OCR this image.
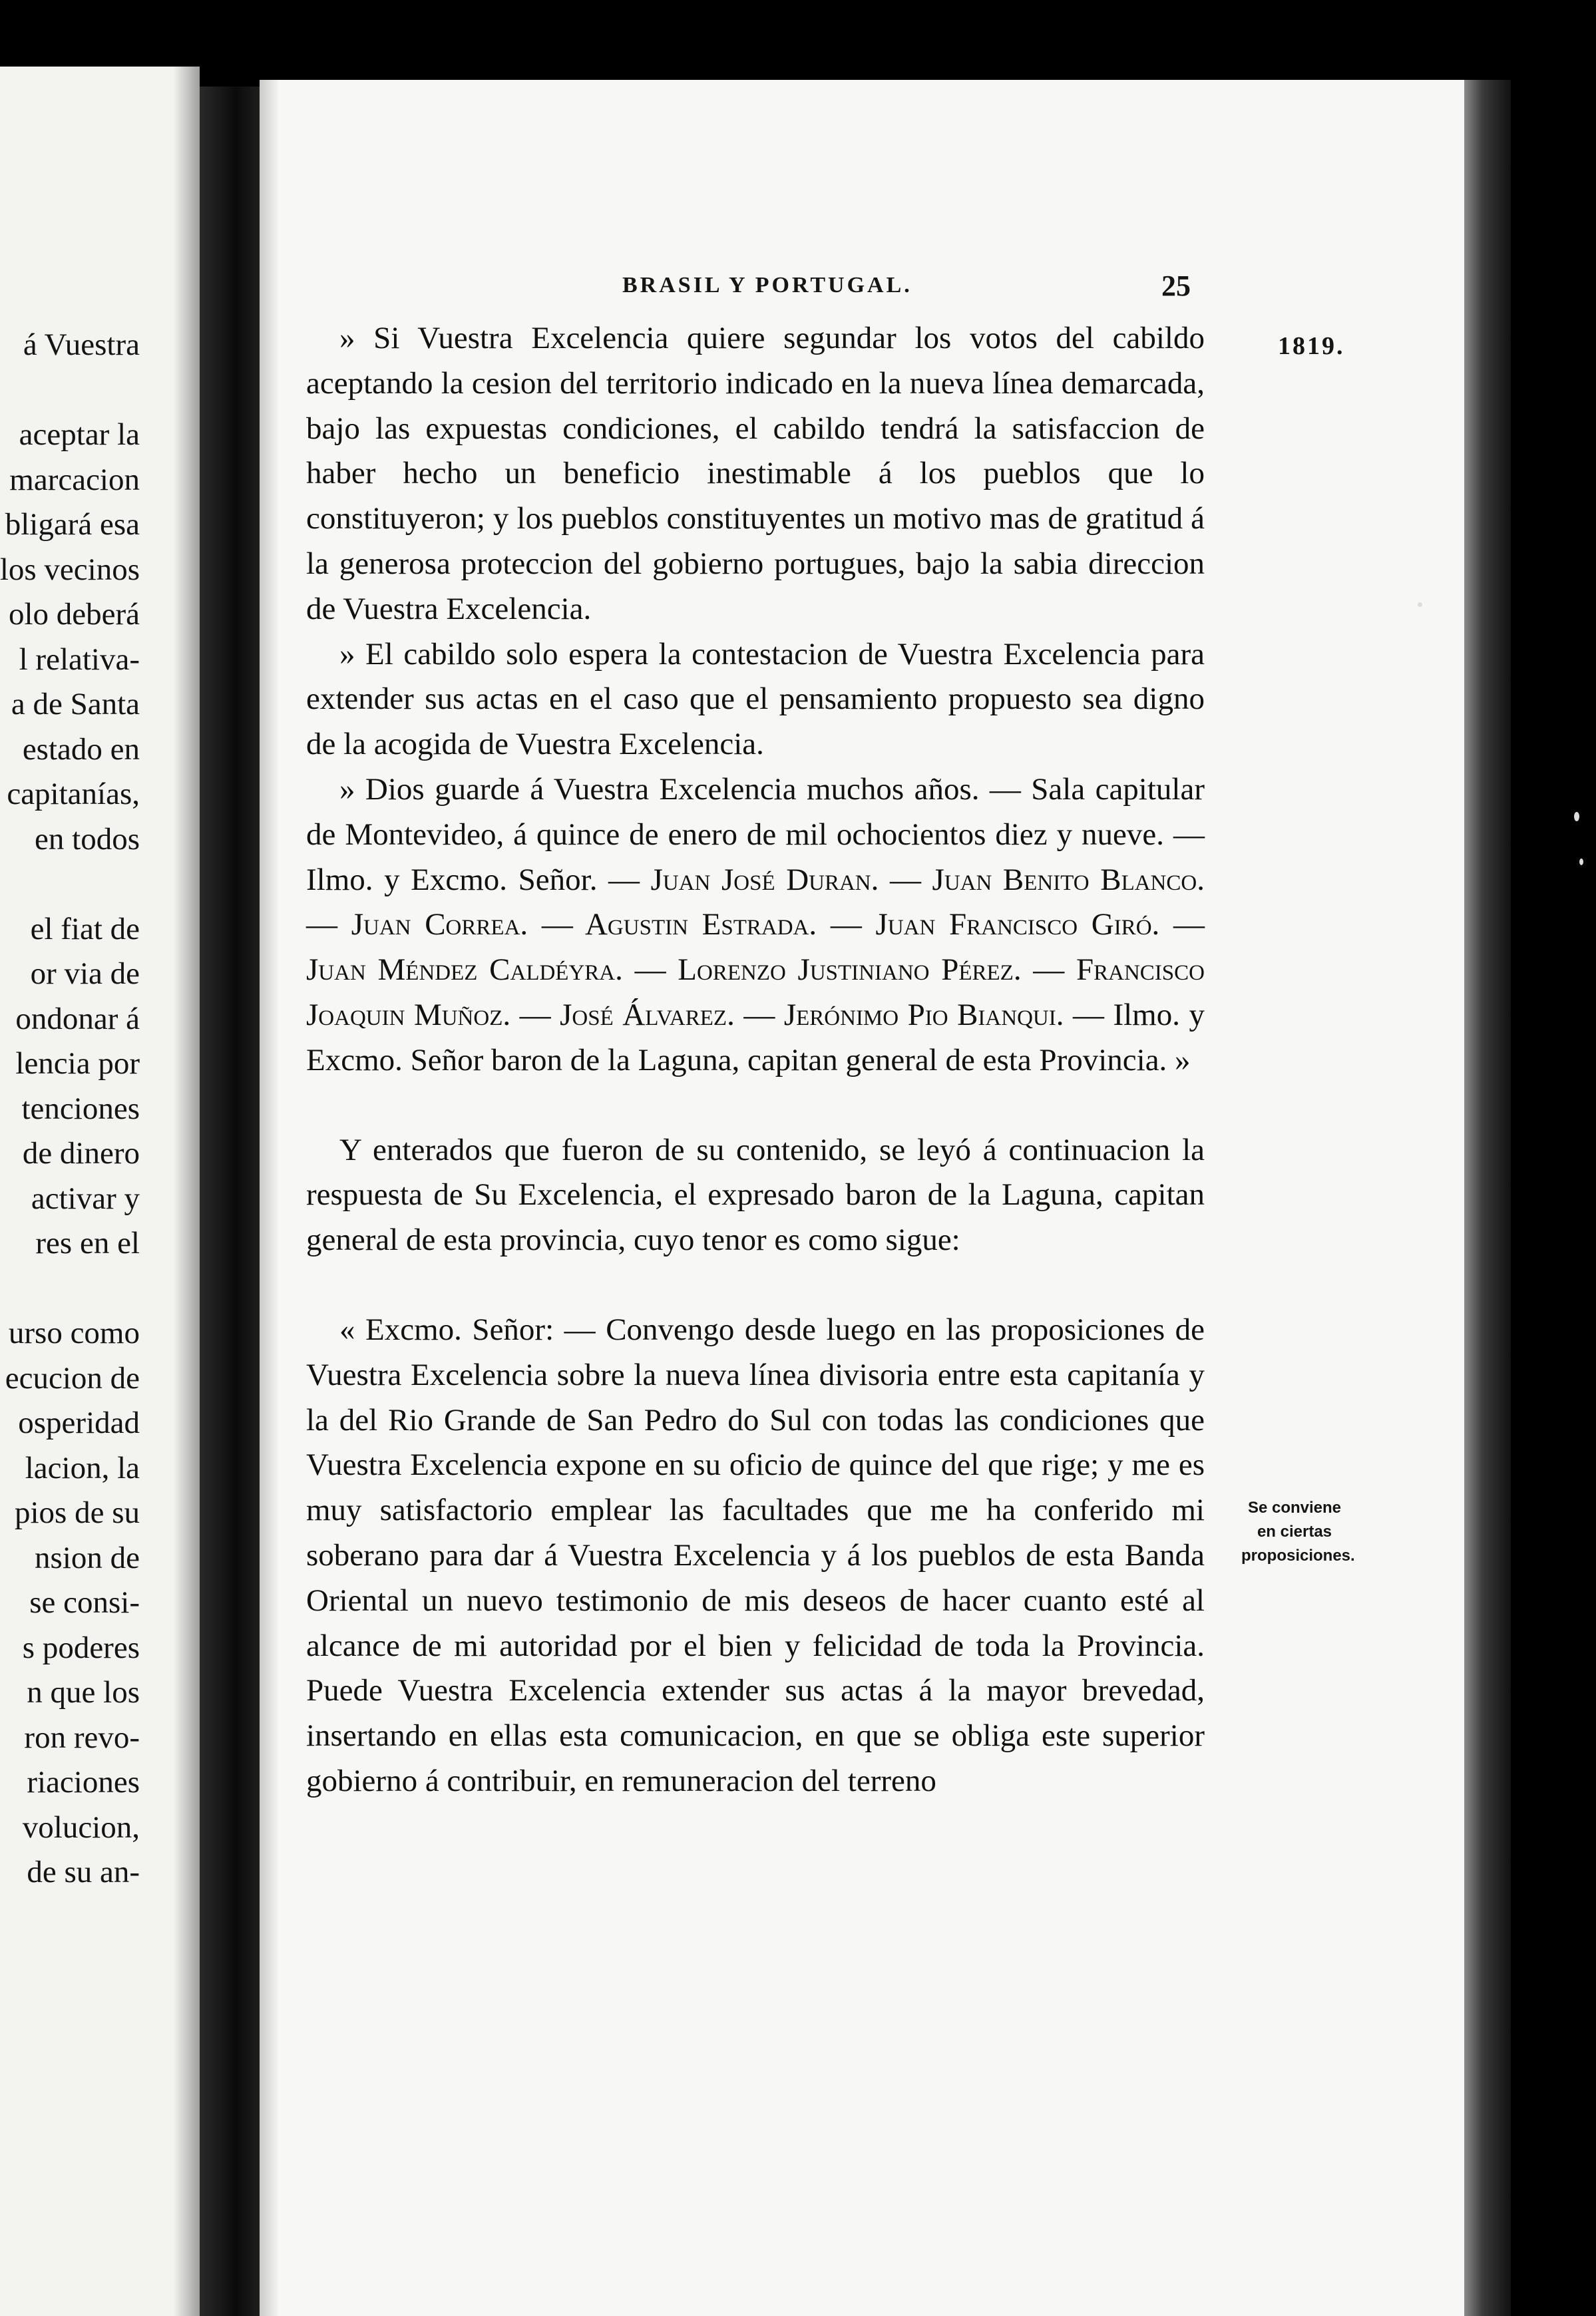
á Vuestra
aceptar la
marcacion
bligará esa
los vecinos
olo deberá
l relativa-
a de Santa
estado en
capitanías,
en todos
el fiat de
or via de
ondonar á
lencia por
tenciones
de dinero
activar y
res en el
urso como
ecucion de
osperidad
lacion, la
pios de su
nsion de
se consi-
s poderes
n que los
ron revo-
riaciones
volucion,
de su an-
BRASIL Y PORTUGAL.	25
1819.
Se conviene en ciertas proposiciones.

» Si Vuestra Excelencia quiere segundar los votos del cabildo aceptando la cesion del territorio indicado en la nueva línea demarcada, bajo las expuestas condiciones, el cabildo tendrá la satisfaccion de haber hecho un beneficio inestimable á los pueblos que lo constituyeron; y los pueblos constituyentes un motivo mas de gratitud á la generosa proteccion del gobierno portugues, bajo la sabia direccion de Vuestra Excelencia.

» El cabildo solo espera la contestacion de Vuestra Excelencia para extender sus actas en el caso que el pensamiento propuesto sea digno de la acogida de Vuestra Excelencia.

» Dios guarde á Vuestra Excelencia muchos años. — Sala capitular de Montevideo, á quince de enero de mil ochocientos diez y nueve. — Ilmo. y Excmo. Señor. — Juan José Duran. — Juan Benito Blanco. — Juan Correa. — Agustin Estrada. — Juan Francisco Giró. — Juan Méndez Caldéyra. — Lorenzo Justiniano Pérez. — Francisco Joaquin Muñoz. — José Álvarez. — Jerónimo Pio Bianqui. — Ilmo. y Excmo. Señor baron de la Laguna, capitan general de esta Provincia. »

Y enterados que fueron de su contenido, se leyó á continuacion la respuesta de Su Excelencia, el expresado baron de la Laguna, capitan general de esta provincia, cuyo tenor es como sigue:

« Excmo. Señor: — Convengo desde luego en las proposiciones de Vuestra Excelencia sobre la nueva línea divisoria entre esta capitanía y la del Rio Grande de San Pedro do Sul con todas las condiciones que Vuestra Excelencia expone en su oficio de quince del que rige; y me es muy satisfactorio emplear las facultades que me ha conferido mi soberano para dar á Vuestra Excelencia y á los pueblos de esta Banda Oriental un nuevo testimonio de mis deseos de hacer cuanto esté al alcance de mi autoridad por el bien y felicidad de toda la Provincia. Puede Vuestra Excelencia extender sus actas á la mayor brevedad, insertando en ellas esta comunicacion, en que se obliga este superior gobierno á contribuir, en remuneracion del terreno
